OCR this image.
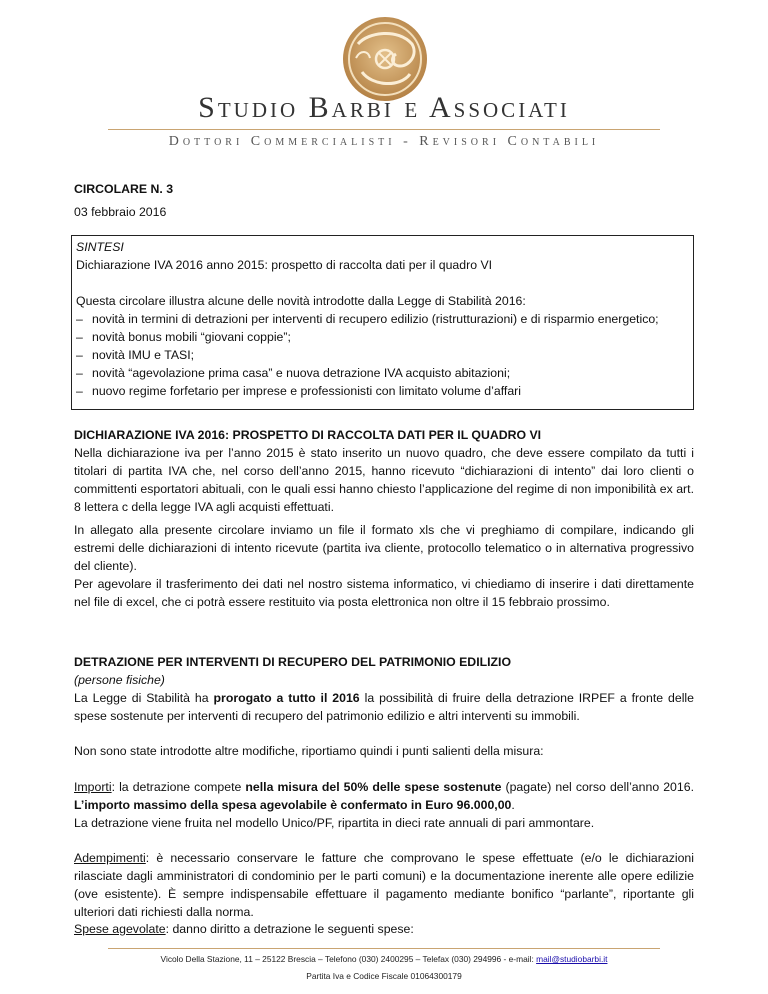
Studio Barbi e Associati
Dottori Commercialisti - Revisori Contabili
CIRCOLARE N. 3
03 febbraio 2016
SINTESI
Dichiarazione IVA 2016 anno 2015: prospetto di raccolta dati per il quadro VI
Questa circolare illustra alcune delle novità introdotte dalla Legge di Stabilità 2016:
– novità in termini di detrazioni per interventi di recupero edilizio (ristrutturazioni) e di risparmio energetico;
– novità bonus mobili “giovani coppie”;
– novità IMU e TASI;
– novità “agevolazione prima casa” e nuova detrazione IVA acquisto abitazioni;
– nuovo regime forfetario per imprese e professionisti con limitato volume d’affari
DICHIARAZIONE IVA 2016: PROSPETTO DI RACCOLTA DATI PER IL QUADRO VI
Nella dichiarazione iva per l’anno 2015 è stato inserito un nuovo quadro, che deve essere compilato da tutti i titolari di partita IVA che, nel corso dell’anno 2015, hanno ricevuto “dichiarazioni di intento” dai loro clienti o committenti esportatori abituali, con le quali essi hanno chiesto l’applicazione del regime di non imponibilità ex art. 8 lettera c della legge IVA agli acquisti effettuati.
In allegato alla presente circolare inviamo un file il formato xls che vi preghiamo di compilare, indicando gli estremi delle dichiarazioni di intento ricevute (partita iva cliente, protocollo telematico o in alternativa progressivo del cliente).
Per agevolare il trasferimento dei dati nel nostro sistema informatico, vi chiediamo di inserire i dati direttamente nel file di excel, che ci potrà essere restituito via posta elettronica non oltre il 15 febbraio prossimo.
DETRAZIONE PER INTERVENTI DI RECUPERO DEL PATRIMONIO EDILIZIO
(persone fisiche)
La Legge di Stabilità ha prorogato a tutto il 2016 la possibilità di fruire della detrazione IRPEF a fronte delle spese sostenute per interventi di recupero del patrimonio edilizio e altri interventi su immobili.
Non sono state introdotte altre modifiche, riportiamo quindi i punti salienti della misura:
Importi: la detrazione compete nella misura del 50% delle spese sostenute (pagate) nel corso dell’anno 2016. L’importo massimo della spesa agevolabile è confermato in Euro 96.000,00.
La detrazione viene fruita nel modello Unico/PF, ripartita in dieci rate annuali di pari ammontare.
Adempimenti: è necessario conservare le fatture che comprovano le spese effettuate (e/o le dichiarazioni rilasciate dagli amministratori di condominio per le parti comuni) e la documentazione inerente alle opere edilizie (ove esistente). È sempre indispensabile effettuare il pagamento mediante bonifico “parlante”, riportante gli ulteriori dati richiesti dalla norma.
Spese agevolate: danno diritto a detrazione le seguenti spese:
Vicolo Della Stazione, 11 – 25122 Brescia – Telefono (030) 2400295 – Telefax (030) 294996 - e-mail: mail@studiobarbi.it
Partita Iva e Codice Fiscale 01064300179
